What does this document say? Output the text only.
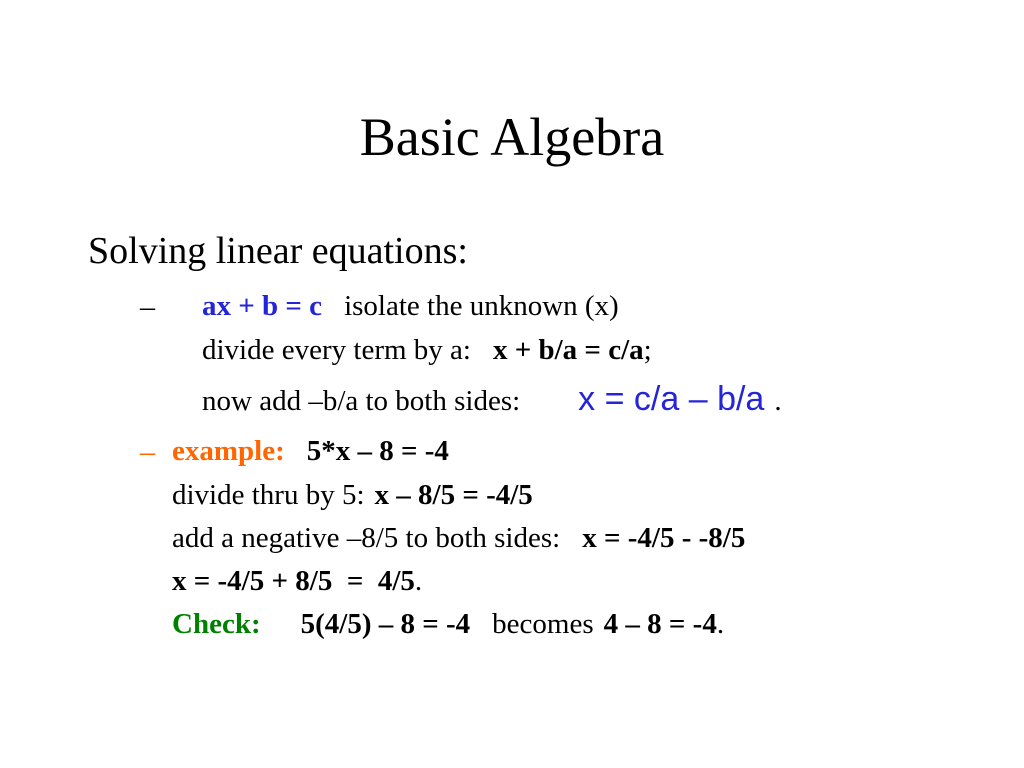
Basic Algebra
Solving linear equations:
–
–
ax + b = c isolate the unknown (x)
divide every term by a: x + b/a = c/a;
now add –b/a to both sides: x = c/a – b/a .
example: 5*x – 8 = -4
divide thru by 5: x – 8/5 = -4/5
add a negative –8/5 to both sides: x = -4/5 - -8/5
x = -4/5 + 8/5  =  4/5.
Check: 5(4/5) – 8 = -4 becomes 4 – 8 = -4.
